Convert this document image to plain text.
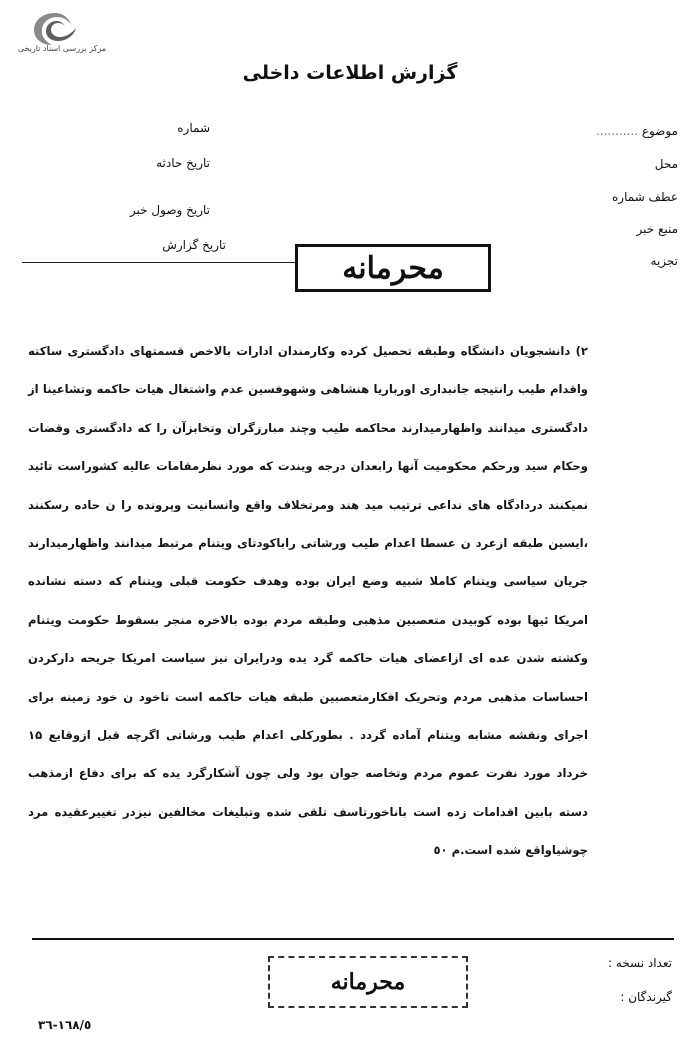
مرکز بررسی اسناد تاریخی
گزارش اطلاعات داخلی
موضوع ...........
محل
عطف شماره
منبع خبر
تجزیه
شماره
تاریخ حادثه
تاریخ وصول خبر
تاریخ گزارش
محرمانه
۲) دانشجویان دانشگاه وطبقه تحصیل کرده وکارمندان ادارات بالاخص قسمتهای دادگستری ساکته واقدام طیب رانتیجه جانبداری اورباریا هنشاهی وشهوفسین عدم واشتغال هیات حاکمه وتشاعینا از دادگستری میدانند واظهارمیدارند محاکمه طیب وچند مبارزگران وتخابزآن را که دادگستری وقضات وحکام سید ورحکم محکومیت آنها رابعدان درجه ویندت که مورد نظرمقامات عالیه کشوراست تائید نمیکنند دردادگاه های نداعی ترتیب مید هند ومرتخلاف واقع وانسانیت وپرونده را ن حاده رسکنند ،ایسین طبقه ازعرد ن عسطا اعدام طیب ورشاتی راباکودتای ویتنام مرتبط میدانند واظهارمیدارند جریان سیاسی ویتنام کاملا شبیه وضع ایران بوده وهدف حکومت قبلی ویتنام که دسته نشانده امریکا ئیها بوده کوبیدن متعصبین مذهبی وطبقه مردم بوده بالاخره منجر بسقوط حکومت ویتنام وکشته شدن عده ای ازاعضای هیات حاکمه گرد یده ودرایران نیز سیاست امریکا جریحه دارکردن احساسات مذهبی مردم وتحریک افکارمتعصبین طبقه هیات حاکمه است تاخود ن خود زمینه برای اجرای ونقشه مشابه ویتنام آماده گردد . بطورکلی اعدام طیب ورشاتی اگرچه قبل ازوقایع ۱۵ خرداد مورد نفرت عموم مردم وتخاصه جوان بود ولی چون آشکارگرد یده که برای دفاع ازمذهب دسته بابین اقدامات زده است باناخورتاسف تلقی شده وتبلیغات مخالفین نیزدر تغییرعقیده مرد چوشیاواقع شده است.م ٥۰
تعداد نسخه :
گیرندگان :
محرمانه
۳٦-۱٦۸/٥
